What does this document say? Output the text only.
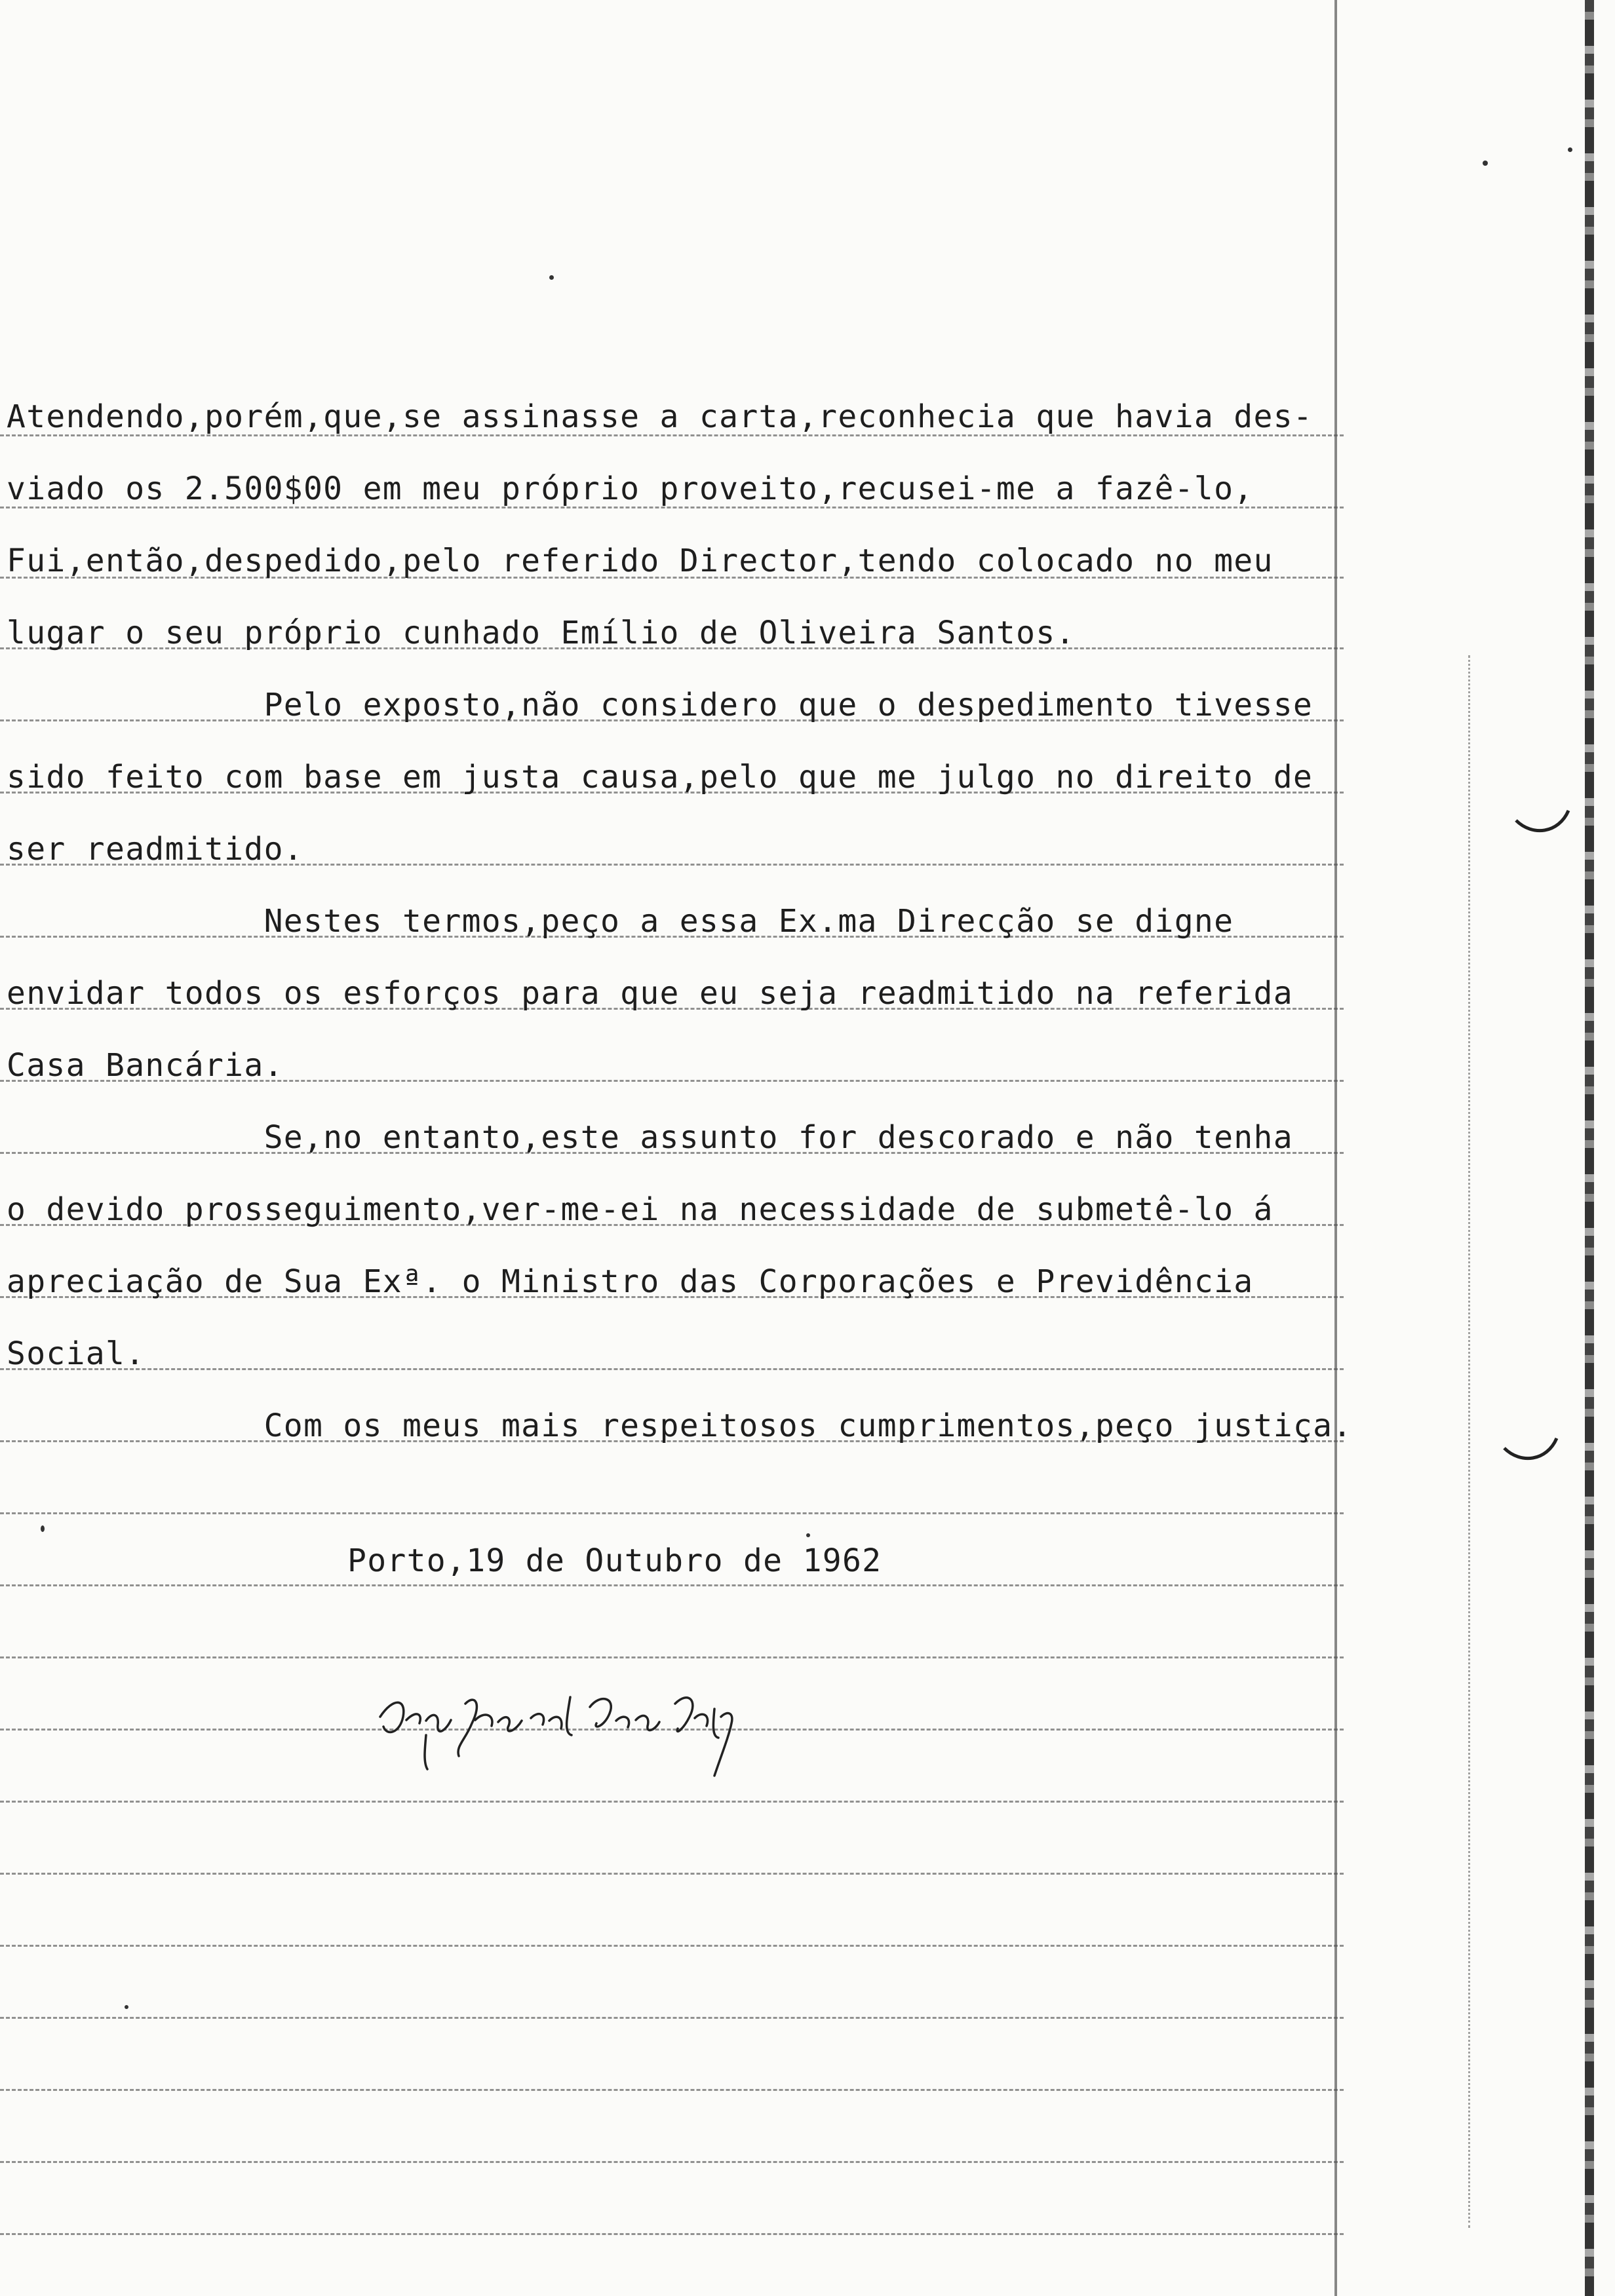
Atendendo,porém,que,se assinasse a carta,reconhecia que havia des-
viado os 2.500$00 em meu próprio proveito,recusei-me a fazê-lo,
Fui,então,despedido,pelo referido Director,tendo colocado no meu
lugar o seu próprio cunhado Emílio de Oliveira Santos.
Pelo exposto,não considero que o despedimento tivesse
sido feito com base em justa causa,pelo que me julgo no direito de
ser readmitido.
Nestes termos,peço a essa Ex.ma Direcção se digne
envidar todos os esforços para que eu seja readmitido na referida
Casa Bancária.
Se,no entanto,este assunto for descorado e não tenha
o devido prosseguimento,ver-me-ei na necessidade de submetê-lo á
apreciação de Sua Exª. o Ministro das Corporações e Previdência
Social.
Com os meus mais respeitosos cumprimentos,peço justiça.
Porto,19 de Outubro de 1962
